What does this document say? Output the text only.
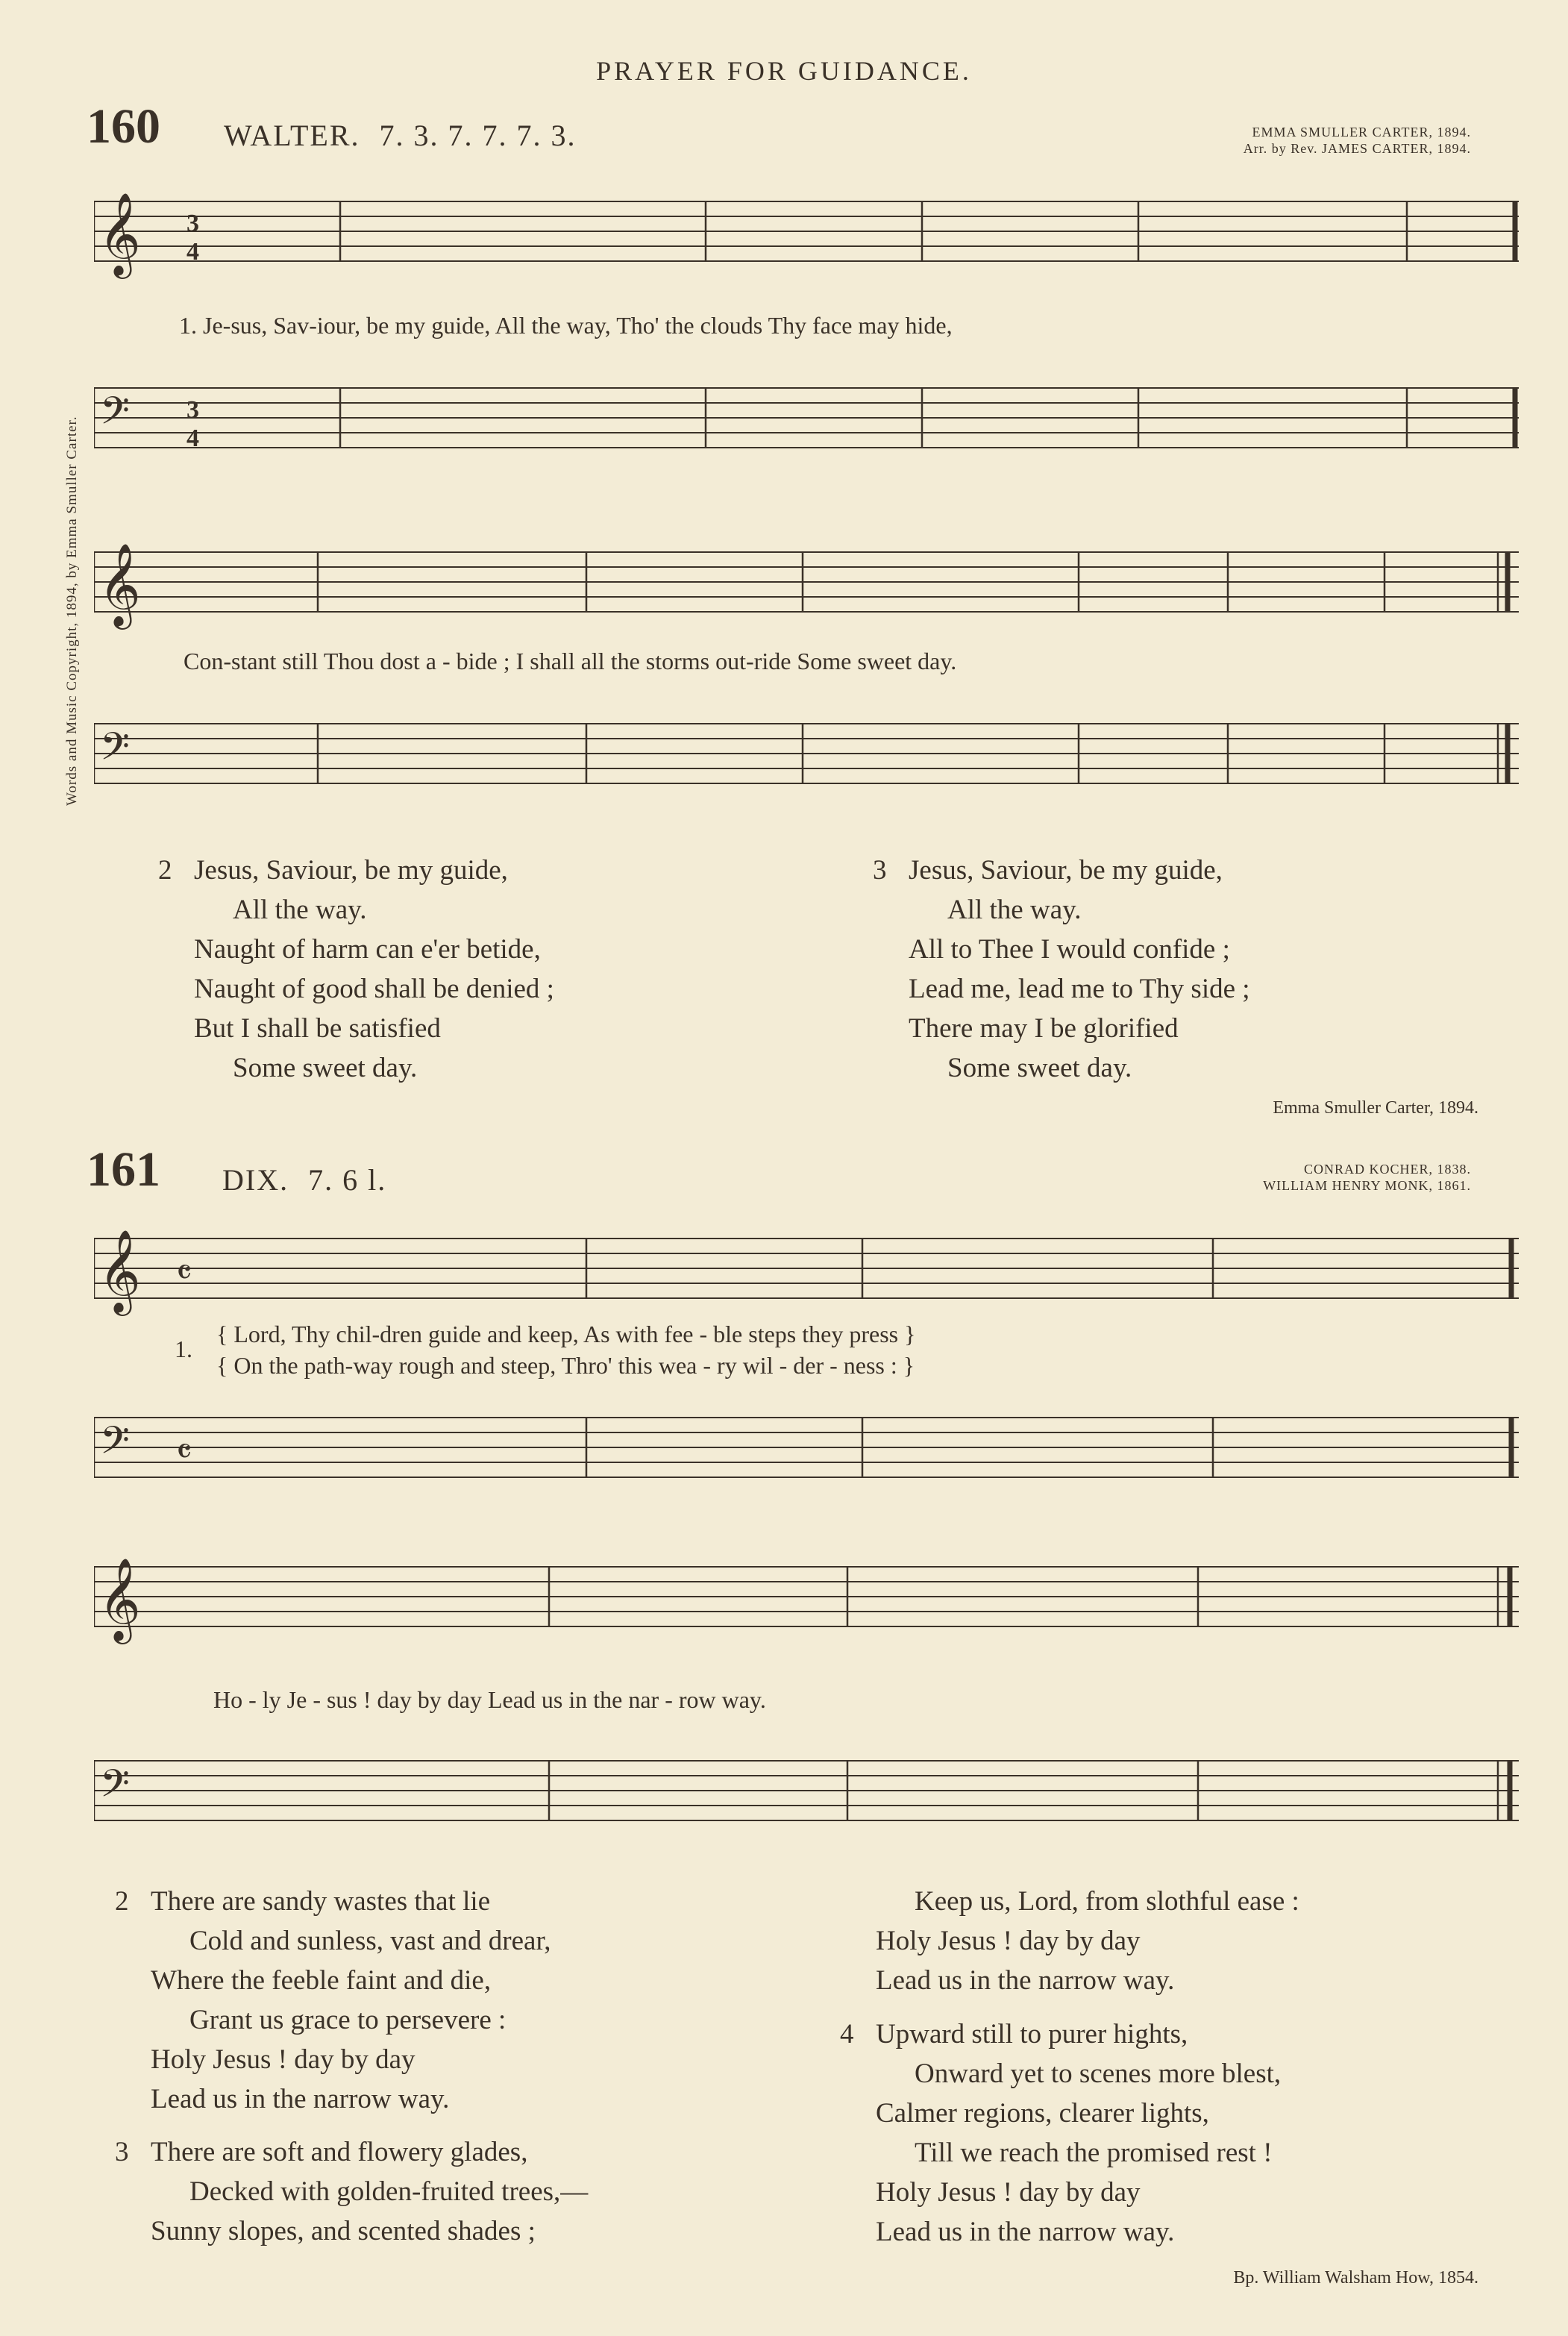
PRAYER FOR GUIDANCE.
160 WALTER. 7. 3. 7. 7. 7. 3.	EMMA SMULLER CARTER, 1894.
Arr. by Rev. JAMES CARTER, 1894.
Words and Music Copyright, 1894, by Emma Smuller Carter.
𝄞 3
4
1. Je-sus, Sav-iour, be my guide, All the way, Tho' the clouds Thy face may hide,
𝄢 3
4
𝄞
Con-stant still Thou dost a - bide ; I shall all the storms out-ride Some sweet day.
𝄢
2 Jesus, Saviour, be my guide,
All the way.
Naught of harm can e'er betide,
Naught of good shall be denied ;
But I shall be satisfied
Some sweet day.
3 Jesus, Saviour, be my guide,
All the way.
All to Thee I would confide ;
Lead me, lead me to Thy side ;
There may I be glorified
Some sweet day.
Emma Smuller Carter, 1894.
161 DIX. 7. 6 l.	CONRAD KOCHER, 1838.
WILLIAM HENRY MONK, 1861.
𝄞 𝄴
1.
{ Lord, Thy chil-dren guide and keep, As with fee - ble steps they press }
{ On the path-way rough and steep, Thro' this wea - ry wil - der - ness : }
𝄢 𝄴
𝄞
Ho - ly Je - sus ! day by day Lead us in the nar - row way.
𝄢
2 There are sandy wastes that lie
Cold and sunless, vast and drear,
Where the feeble faint and die,
Grant us grace to persevere :
Holy Jesus ! day by day
Lead us in the narrow way.
3 There are soft and flowery glades,
Decked with golden-fruited trees,—
Sunny slopes, and scented shades ;
Keep us, Lord, from slothful ease :
Holy Jesus ! day by day
Lead us in the narrow way.
4 Upward still to purer hights,
Onward yet to scenes more blest,
Calmer regions, clearer lights,
Till we reach the promised rest !
Holy Jesus ! day by day
Lead us in the narrow way.
Bp. William Walsham How, 1854.
